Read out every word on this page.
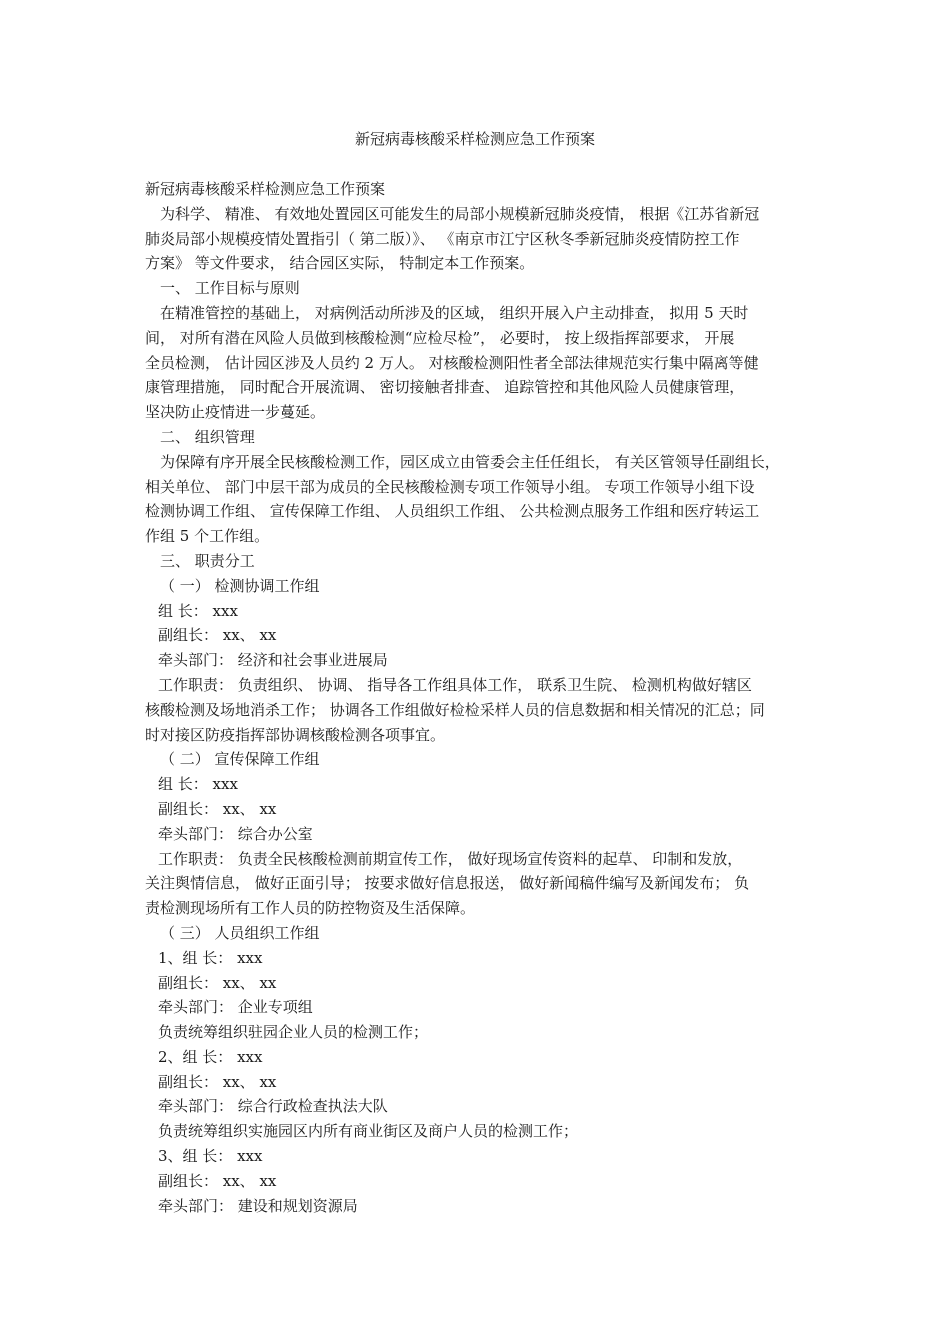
新冠病毒核酸采样检测应急工作预案
新冠病毒核酸采样检测应急工作预案
为科学、 精准、 有效地处置园区可能发生的局部小规模新冠肺炎疫情， 根据《江苏省新冠
肺炎局部小规模疫情处置指引（ 第二版）》、 《南京市江宁区秋冬季新冠肺炎疫情防控工作
方案》 等文件要求， 结合园区实际， 特制定本工作预案。
一、 工作目标与原则
在精准管控的基础上， 对病例活动所涉及的区域， 组织开展入户主动排查， 拟用 5 天时
间， 对所有潜在风险人员做到核酸检测“应检尽检”， 必要时， 按上级指挥部要求， 开展
全员检测， 估计园区涉及人员约 2 万人。 对核酸检测阳性者全部法律规范实行集中隔离等健
康管理措施， 同时配合开展流调、 密切接触者排查、 追踪管控和其他风险人员健康管理，
坚决防止疫情进一步蔓延。
二、 组织管理
为保障有序开展全民核酸检测工作，园区成立由管委会主任任组长， 有关区管领导任副组长，
相关单位、 部门中层干部为成员的全民核酸检测专项工作领导小组。 专项工作领导小组下设
检测协调工作组、 宣传保障工作组、 人员组织工作组、 公共检测点服务工作组和医疗转运工
作组 5 个工作组。
三、 职责分工
（ 一） 检测协调工作组
组 长： xxx
副组长： xx、 xx
牵头部门： 经济和社会事业进展局
工作职责： 负责组织、 协调、 指导各工作组具体工作， 联系卫生院、 检测机构做好辖区
核酸检测及场地消杀工作； 协调各工作组做好检检采样人员的信息数据和相关情况的汇总；同
时对接区防疫指挥部协调核酸检测各项事宜。
（ 二） 宣传保障工作组
组 长： xxx
副组长： xx、 xx
牵头部门： 综合办公室
工作职责： 负责全民核酸检测前期宣传工作， 做好现场宣传资料的起草、 印制和发放，
关注舆情信息， 做好正面引导； 按要求做好信息报送， 做好新闻稿件编写及新闻发布； 负
责检测现场所有工作人员的防控物资及生活保障。
（ 三） 人员组织工作组
1、组 长： xxx
副组长： xx、 xx
牵头部门： 企业专项组
负责统筹组织驻园企业人员的检测工作；
2、组 长： xxx
副组长： xx、 xx
牵头部门： 综合行政检查执法大队
负责统筹组织实施园区内所有商业街区及商户人员的检测工作；
3、组 长： xxx
副组长： xx、 xx
牵头部门： 建设和规划资源局
